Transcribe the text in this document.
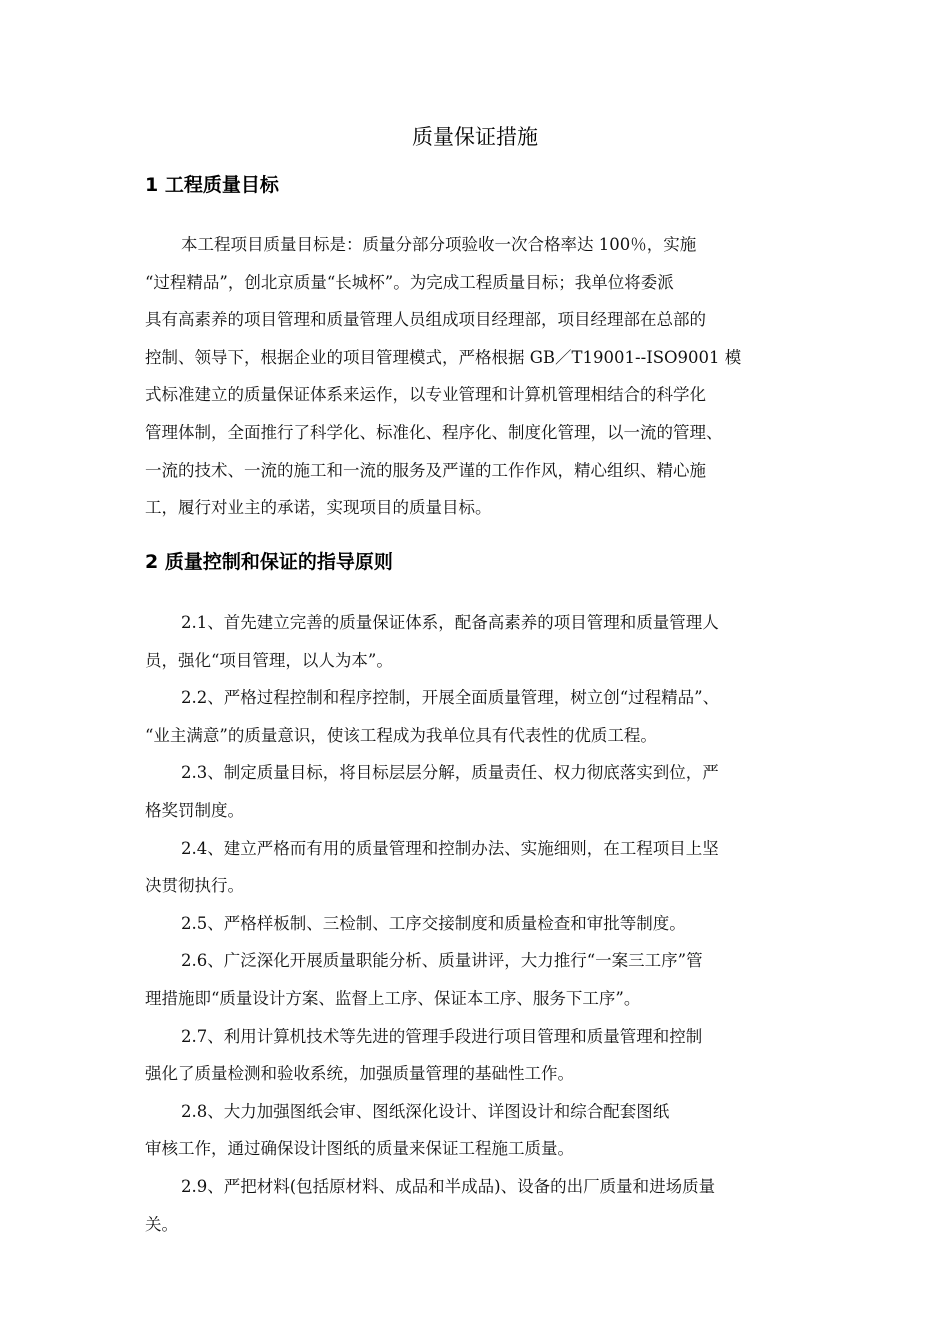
质量保证措施
1 工程质量目标
本工程项目质量目标是：质量分部分项验收一次合格率达 100％，实施
“过程精品”，创北京质量“长城杯”。为完成工程质量目标；我单位将委派
具有高素养的项目管理和质量管理人员组成项目经理部，项目经理部在总部的
控制、领导下，根据企业的项目管理模式，严格根据 GB／T19001--ISO9001 模
式标准建立的质量保证体系来运作，以专业管理和计算机管理相结合的科学化
管理体制，全面推行了科学化、标准化、程序化、制度化管理，以一流的管理、
一流的技术、一流的施工和一流的服务及严谨的工作作风，精心组织、精心施
工，履行对业主的承诺，实现项目的质量目标。
2 质量控制和保证的指导原则
2.1、首先建立完善的质量保证体系，配备高素养的项目管理和质量管理人
员，强化“项目管理，以人为本”。
2.2、严格过程控制和程序控制，开展全面质量管理，树立创“过程精品”、
“业主满意”的质量意识，使该工程成为我单位具有代表性的优质工程。
2.3、制定质量目标，将目标层层分解，质量责任、权力彻底落实到位，严
格奖罚制度。
2.4、建立严格而有用的质量管理和控制办法、实施细则，在工程项目上坚
决贯彻执行。
2.5、严格样板制、三检制、工序交接制度和质量检查和审批等制度。
2.6、广泛深化开展质量职能分析、质量讲评，大力推行“一案三工序”管
理措施即“质量设计方案、监督上工序、保证本工序、服务下工序”。
2.7、利用计算机技术等先进的管理手段进行项目管理和质量管理和控制
强化了质量检测和验收系统，加强质量管理的基础性工作。
2.8、大力加强图纸会审、图纸深化设计、详图设计和综合配套图纸
审核工作，通过确保设计图纸的质量来保证工程施工质量。
2.9、严把材料(包括原材料、成品和半成品)、设备的出厂质量和进场质量
关。
